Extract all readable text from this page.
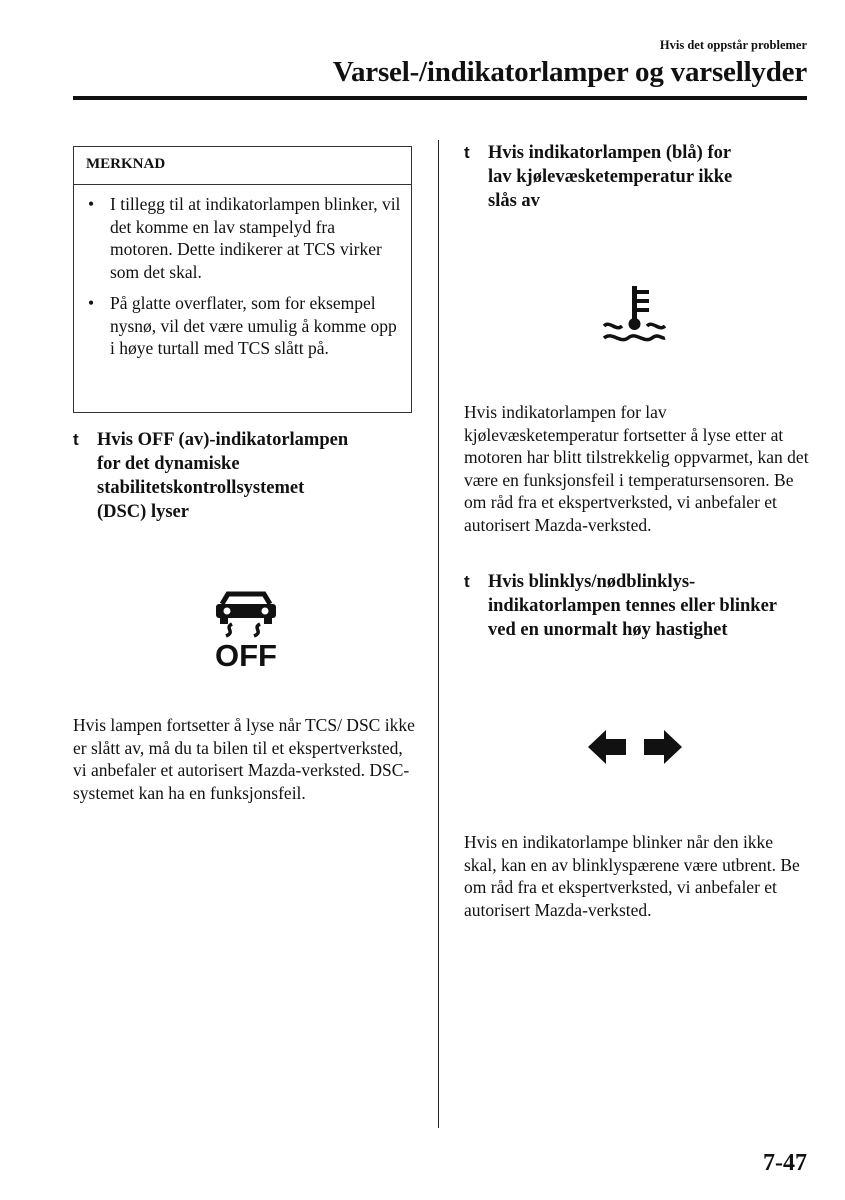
Hvis det oppstår problemer
Varsel-/indikatorlamper og varsellyder
MERKNAD
• I tillegg til at indikatorlampen blinker, vil det komme en lav stampelyd fra motoren. Dette indikerer at TCS virker som det skal.
• På glatte overflater, som for eksempel nysnø, vil det være umulig å komme opp i høye turtall med TCS slått på.
t Hvis OFF (av)-indikatorlampen
for det dynamiske
stabilitetskontrollsystemet
(DSC) lyser
OFF
Hvis lampen fortsetter å lyse når TCS/ DSC ikke er slått av, må du ta bilen til et ekspertverksted, vi anbefaler et autorisert Mazda-verksted. DSC-systemet kan ha en funksjonsfeil.
t Hvis indikatorlampen (blå) for
lav kjølevæsketemperatur ikke
slås av
Hvis indikatorlampen for lav kjølevæsketemperatur fortsetter å lyse etter at motoren har blitt tilstrekkelig oppvarmet, kan det være en funksjonsfeil i temperatursensoren. Be om råd fra et ekspertverksted, vi anbefaler et autorisert Mazda-verksted.
t Hvis blinklys/nødblinklys-
indikatorlampen tennes eller blinker
ved en unormalt høy hastighet
Hvis en indikatorlampe blinker når den ikke skal, kan en av blinklyspærene være utbrent. Be om råd fra et ekspertverksted, vi anbefaler et autorisert Mazda-verksted.
7-47
